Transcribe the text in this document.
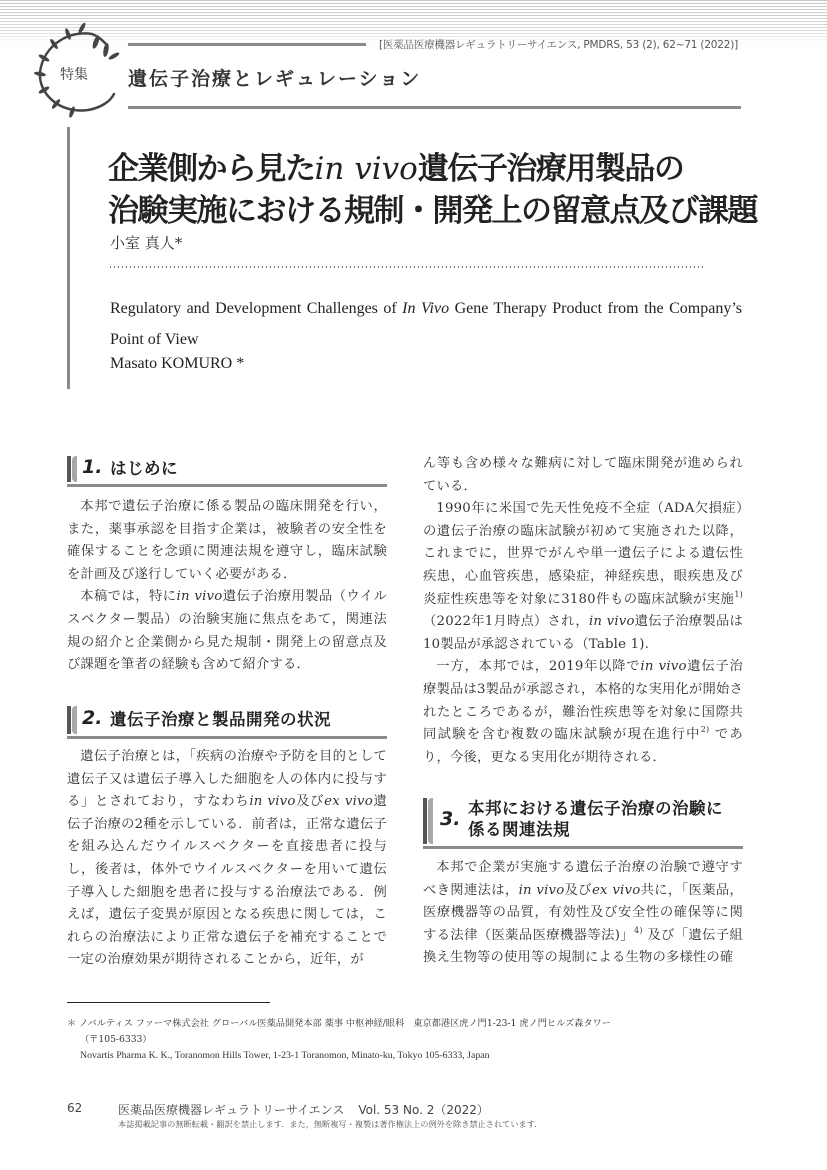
特集
[医薬品医療機器レギュラトリーサイエンス, PMDRS, 53 (2), 62~71 (2022)]
遺伝子治療とレギュレーション
企業側から見たin vivo遺伝子治療用製品の
治験実施における規制・開発上の留意点及び課題
小室 真人*
Regulatory and Development Challenges of In Vivo Gene Therapy Product from the Company’s Point of View
Masato KOMURO *
1. はじめに

本邦で遺伝子治療に係る製品の臨床開発を行い，また，薬事承認を目指す企業は，被験者の安全性を確保することを念頭に関連法規を遵守し，臨床試験を計画及び遂行していく必要がある．

本稿では，特にin vivo遺伝子治療用製品（ウイルスベクター製品）の治験実施に焦点をあて，関連法規の紹介と企業側から見た規制・開発上の留意点及び課題を筆者の経験も含めて紹介する．

2. 遺伝子治療と製品開発の状況

遺伝子治療とは，「疾病の治療や予防を目的として遺伝子又は遺伝子導入した細胞を人の体内に投与する」とされており，すなわちin vivo及びex vivo遺伝子治療の2種を示している．前者は，正常な遺伝子を組み込んだウイルスベクターを直接患者に投与し，後者は，体外でウイルスベクターを用いて遺伝子導入した細胞を患者に投与する治療法である．例えば，遺伝子変異が原因となる疾患に関しては，これらの治療法により正常な遺伝子を補充することで一定の治療効果が期待されることから，近年，が

ん等も含め様々な難病に対して臨床開発が進められている．

1990年に米国で先天性免疫不全症（ADA欠損症）の遺伝子治療の臨床試験が初めて実施された以降，これまでに，世界でがんや単一遺伝子による遺伝性疾患，心血管疾患，感染症，神経疾患，眼疾患及び炎症性疾患等を対象に3180件もの臨床試験が実施$^{1)}$（2022年1月時点）され，in vivo遺伝子治療製品は10製品が承認されている（Table 1).

一方，本邦では，2019年以降でin vivo遺伝子治療製品は3製品が承認され，本格的な実用化が開始されたところであるが，難治性疾患等を対象に国際共同試験を含む複数の臨床試験が現在進行中$^{2)}$ であり，今後，更なる実用化が期待される．

3. 本邦における遺伝子治療の治験に
係る関連法規

本邦で企業が実施する遺伝子治療の治験で遵守すべき関連法は，in vivo及びex vivo共に，「医薬品，医療機器等の品質，有効性及び安全性の確保等に関する法律（医薬品医療機器等法)」$^{4)}$ 及び「遺伝子組換え生物等の使用等の規制による生物の多様性の確

＊ ノバルティス ファーマ株式会社 グローバル医薬品開発本部 薬事 中枢神経/眼科　東京都港区虎ノ門1-23-1 虎ノ門ヒルズ森タワー
（〒105-6333）
Novartis Pharma K. K., Toranomon Hills Tower, 1-23-1 Toranomon, Minato-ku, Tokyo 105-6333, Japan
62	医薬品医療機器レギュラトリーサイエンス Vol. 53 No. 2（2022）
本誌掲載記事の無断転載・翻訳を禁止します．また，無断複写・複製は著作権法上の例外を除き禁止されています．
